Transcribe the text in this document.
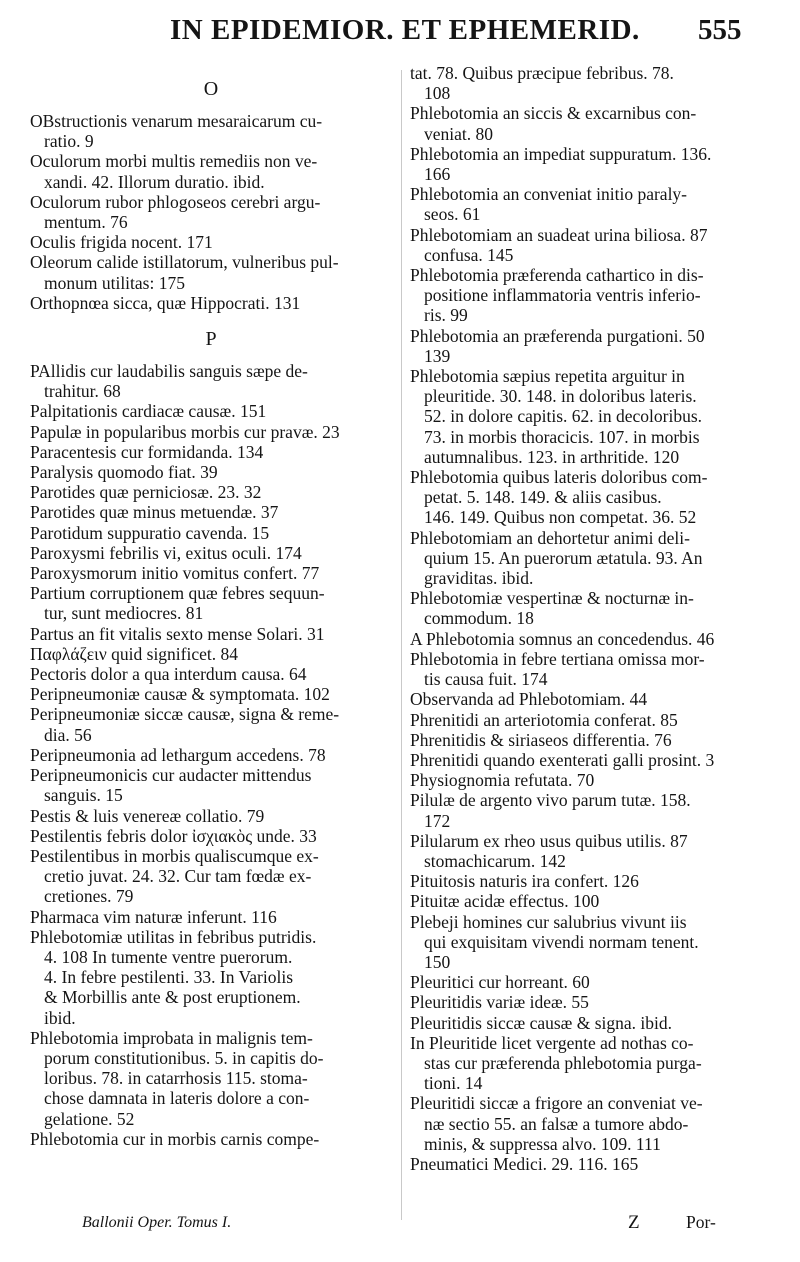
IN EPIDEMIOR. ET EPHEMERID. 555
O
OBstructionis venarum mesaraicarum cu-
ratio. 9
Oculorum morbi multis remediis non ve-
xandi. 42. Illorum duratio. ibid.
Oculorum rubor phlogoseos cerebri argu-
mentum. 76
Oculis frigida nocent. 171
Oleorum calide istillatorum, vulneribus pul-
monum utilitas: 175
Orthopnœa sicca, quæ Hippocrati. 131
P
PAllidis cur laudabilis sanguis sæpe de-
trahitur. 68
Palpitationis cardiacæ causæ. 151
Papulæ in popularibus morbis cur pravæ. 23
Paracentesis cur formidanda. 134
Paralysis quomodo fiat. 39
Parotides quæ perniciosæ. 23. 32
Parotides quæ minus metuendæ. 37
Parotidum suppuratio cavenda. 15
Paroxysmi febrilis vi, exitus oculi. 174
Paroxysmorum initio vomitus confert. 77
Partium corruptionem quæ febres sequun-
tur, sunt mediocres. 81
Partus an fit vitalis sexto mense Solari. 31
Παφλάζειν quid significet. 84
Pectoris dolor a qua interdum causa. 64
Peripneumoniæ causæ & symptomata. 102
Peripneumoniæ siccæ causæ, signa & reme-
dia. 56
Peripneumonia ad lethargum accedens. 78
Peripneumonicis cur audacter mittendus
sanguis. 15
Pestis & luis venereæ collatio. 79
Pestilentis febris dolor ἰσχιακὸς unde. 33
Pestilentibus in morbis qualiscumque ex-
cretio juvat. 24. 32. Cur tam fœdæ ex-
cretiones. 79
Pharmaca vim naturæ inferunt. 116
Phlebotomiæ utilitas in febribus putridis.
4. 108 In tumente ventre puerorum.
4. In febre pestilenti. 33. In Variolis
& Morbillis ante & post eruptionem.
ibid.
Phlebotomia improbata in malignis tem-
porum constitutionibus. 5. in capitis do-
loribus. 78. in catarrhosis 115. stoma-
chose damnata in lateris dolore a con-
gelatione. 52
Phlebotomia cur in morbis carnis compe-
tat. 78. Quibus præcipue febribus. 78.
108
Phlebotomia an siccis & excarnibus con-
veniat. 80
Phlebotomia an impediat suppuratum. 136.
166
Phlebotomia an conveniat initio paraly-
seos. 61
Phlebotomiam an suadeat urina biliosa. 87
confusa. 145
Phlebotomia præferenda cathartico in dis-
positione inflammatoria ventris inferio-
ris. 99
Phlebotomia an præferenda purgationi. 50
139
Phlebotomia sæpius repetita arguitur in
pleuritide. 30. 148. in doloribus lateris.
52. in dolore capitis. 62. in decoloribus.
73. in morbis thoracicis. 107. in morbis
autumnalibus. 123. in arthritide. 120
Phlebotomia quibus lateris doloribus com-
petat. 5. 148. 149. & aliis casibus.
146. 149. Quibus non competat. 36. 52
Phlebotomiam an dehortetur animi deli-
quium 15. An puerorum ætatula. 93. An
graviditas. ibid.
Phlebotomiæ vespertinæ & nocturnæ in-
commodum. 18
A Phlebotomia somnus an concedendus. 46
Phlebotomia in febre tertiana omissa mor-
tis causa fuit. 174
Observanda ad Phlebotomiam. 44
Phrenitidi an arteriotomia conferat. 85
Phrenitidis & siriaseos differentia. 76
Phrenitidi quando exenterati galli prosint. 3
Physiognomia refutata. 70
Pilulæ de argento vivo parum tutæ. 158.
172
Pilularum ex rheo usus quibus utilis. 87
stomachicarum. 142
Pituitosis naturis ira confert. 126
Pituitæ acidæ effectus. 100
Plebeji homines cur salubrius vivunt iis
qui exquisitam vivendi normam tenent.
150
Pleuritici cur horreant. 60
Pleuritidis variæ ideæ. 55
Pleuritidis siccæ causæ & signa. ibid.
In Pleuritide licet vergente ad nothas co-
stas cur præferenda phlebotomia purga-
tioni. 14
Pleuritidi siccæ a frigore an conveniat ve-
næ sectio 55. an falsæ a tumore abdo-
minis, & suppressa alvo. 109. 111
Pneumatici Medici. 29. 116. 165
Ballonii Oper. Tomus I.	Z	Por-
